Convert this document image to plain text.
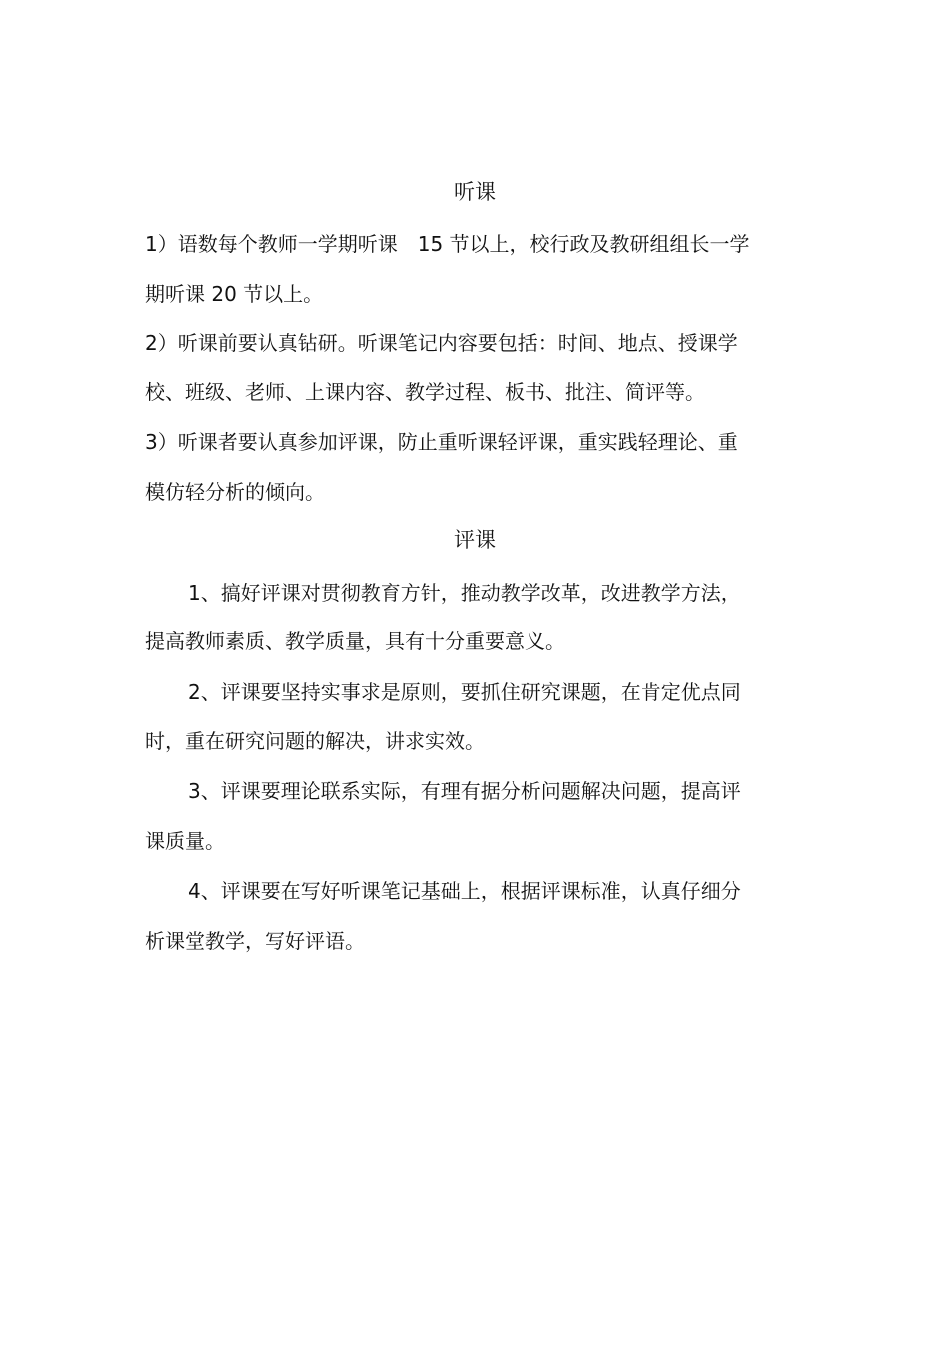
听课
1）语数每个教师一学期听课　15 节以上，校行政及教研组组长一学
期听课 20 节以上。
2）听课前要认真钻研。听课笔记内容要包括：时间、地点、授课学
校、班级、老师、上课内容、教学过程、板书、批注、简评等。
3）听课者要认真参加评课，防止重听课轻评课，重实践轻理论、重
模仿轻分析的倾向。
评课
1、搞好评课对贯彻教育方针，推动教学改革，改进教学方法，
提高教师素质、教学质量，具有十分重要意义。
2、评课要坚持实事求是原则，要抓住研究课题，在肯定优点同
时，重在研究问题的解决，讲求实效。
3、评课要理论联系实际，有理有据分析问题解决问题，提高评
课质量。
4、评课要在写好听课笔记基础上，根据评课标准，认真仔细分
析课堂教学，写好评语。
